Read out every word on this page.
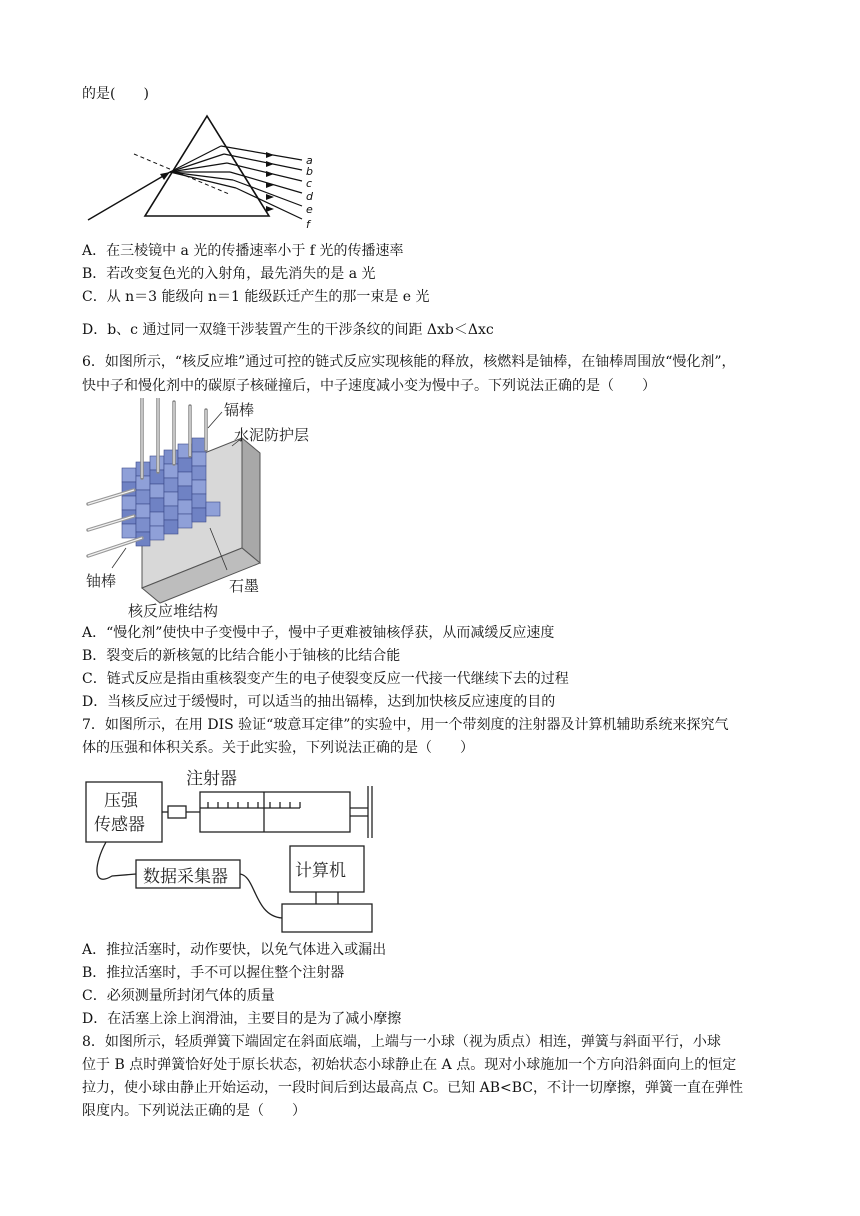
的是(　　)
a
b
c
d
e
f
A．在三棱镜中 a 光的传播速率小于 f 光的传播速率
B．若改变复色光的入射角，最先消失的是 a 光
C．从 n＝3 能级向 n＝1 能级跃迁产生的那一束是 e 光
D．b、c 通过同一双缝干涉装置产生的干涉条纹的间距 Δxb＜Δxc
6．如图所示，“核反应堆”通过可控的链式反应实现核能的释放，核燃料是铀棒，在铀棒周围放“慢化剂”，
快中子和慢化剂中的碳原子核碰撞后，中子速度减小变为慢中子。下列说法正确的是（　　）
镉棒
水泥防护层
铀棒	石墨
核反应堆结构
A．“慢化剂”使快中子变慢中子，慢中子更难被铀核俘获，从而减缓反应速度
B．裂变后的新核氪的比结合能小于铀核的比结合能
C．链式反应是指由重核裂变产生的电子使裂变反应一代接一代继续下去的过程
D．当核反应过于缓慢时，可以适当的抽出镉棒，达到加快核反应速度的目的
7．如图所示，在用 DIS 验证“玻意耳定律”的实验中，用一个带刻度的注射器及计算机辅助系统来探究气
体的压强和体积关系。关于此实验，下列说法正确的是（　　）
注射器
压强
传感器
数据采集器	计算机
A．推拉活塞时，动作要快，以免气体进入或漏出
B．推拉活塞时，手不可以握住整个注射器
C．必须测量所封闭气体的质量
D．在活塞上涂上润滑油，主要目的是为了减小摩擦
8．如图所示，轻质弹簧下端固定在斜面底端，上端与一小球（视为质点）相连，弹簧与斜面平行，小球
位于 B 点时弹簧恰好处于原长状态，初始状态小球静止在 A 点。现对小球施加一个方向沿斜面向上的恒定
拉力，使小球由静止开始运动，一段时间后到达最高点 C。已知 AB<BC，不计一切摩擦，弹簧一直在弹性
限度内。下列说法正确的是（　　）
